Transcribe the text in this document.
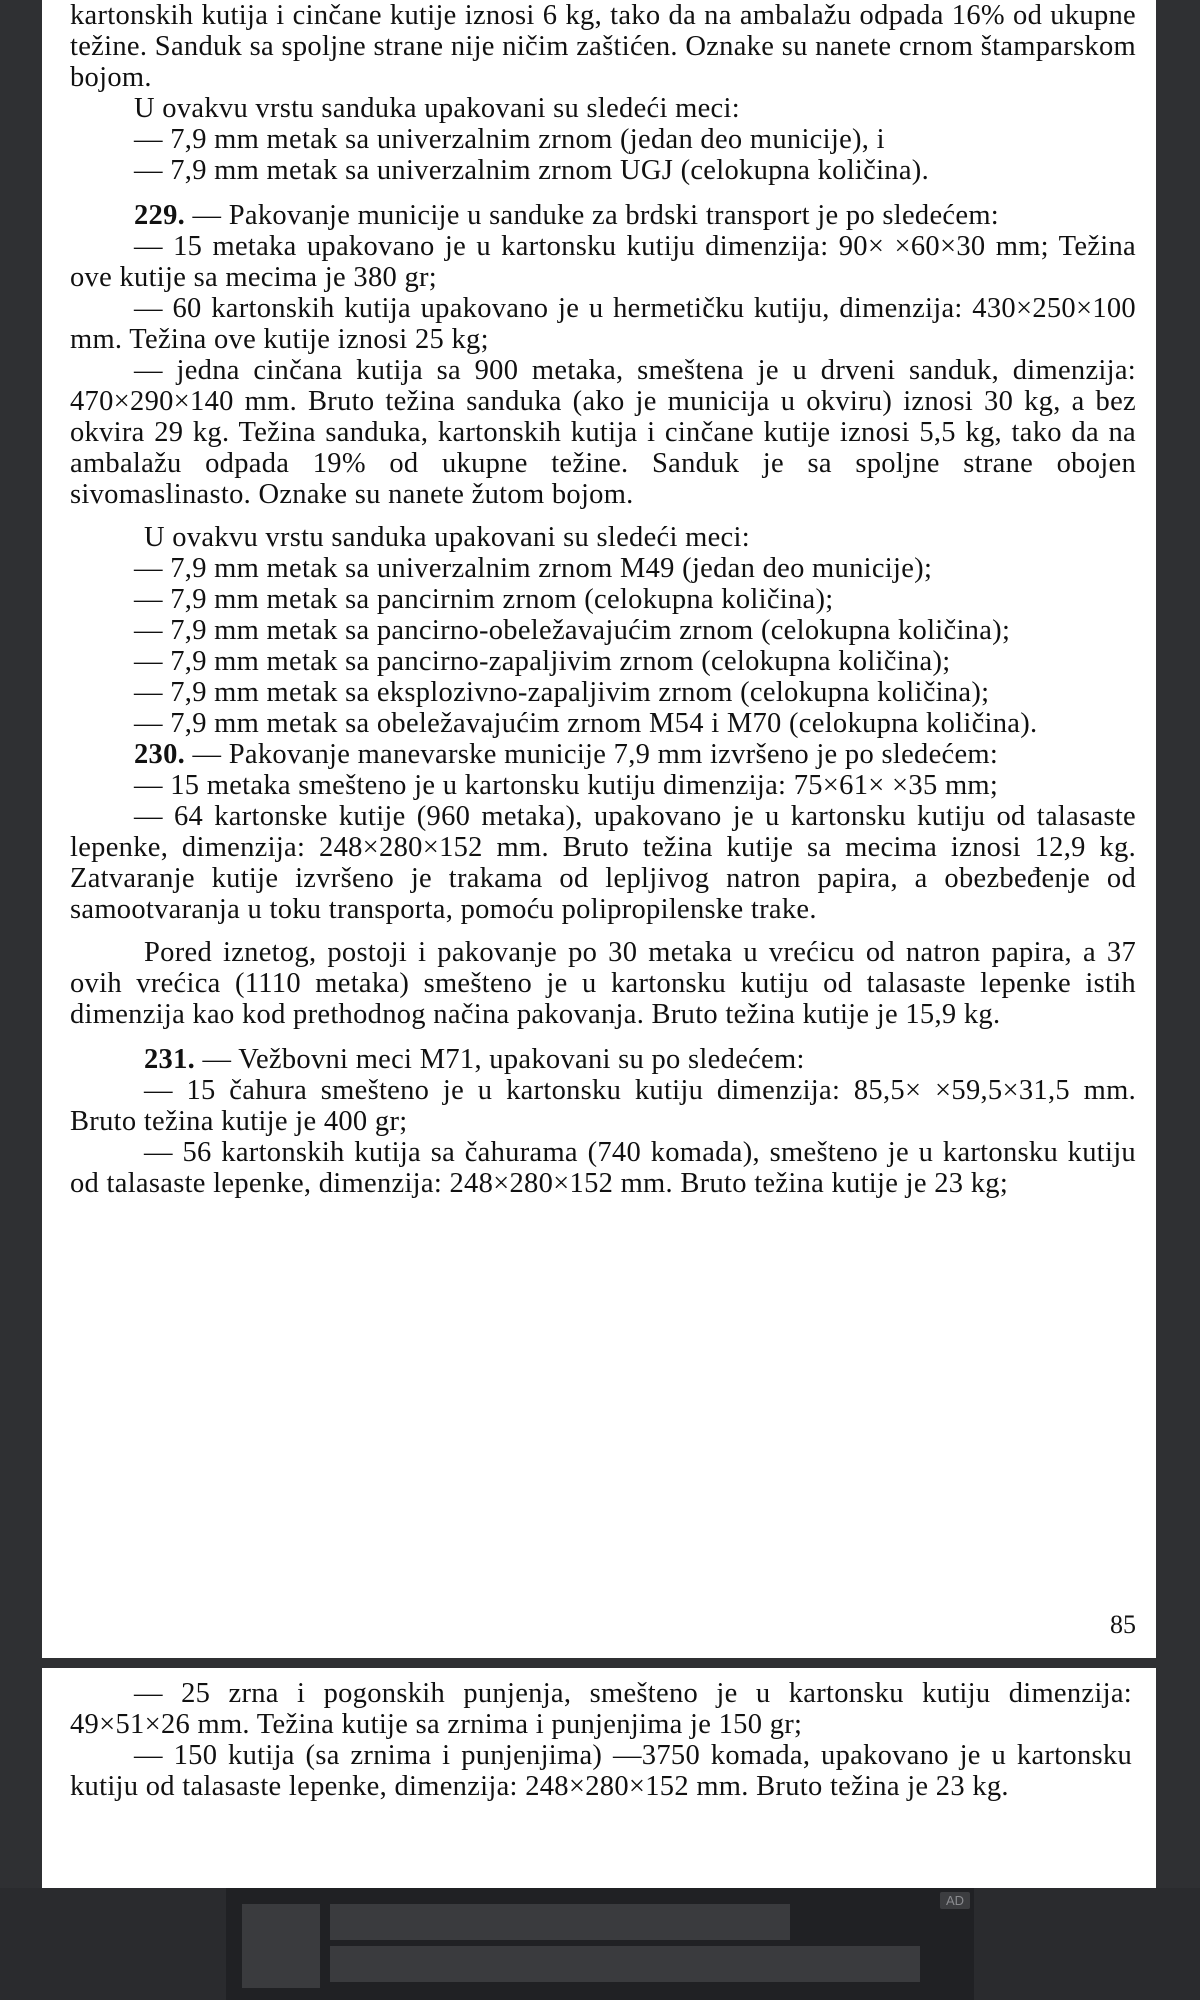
kartonskih kutija i cinčane kutije iznosi 6 kg, tako da na ambalažu odpada 16% od ukupne težine. Sanduk sa spoljne strane nije ničim zaštićen. Oznake su nanete crnom štamparskom bojom.

U ovakvu vrstu sanduka upakovani su sledeći meci:

— 7,9 mm metak sa univerzalnim zrnom (jedan deo municije), i

— 7,9 mm metak sa univerzalnim zrnom UGJ (celokupna količina).

229. — Pakovanje municije u sanduke za brdski transport je po sledećem:

— 15 metaka upakovano je u kartonsku kutiju dimenzija: 90× ×60×30 mm; Težina ove kutije sa mecima je 380 gr;

— 60 kartonskih kutija upakovano je u hermetičku kutiju, dimenzija: 430×250×100 mm. Težina ove kutije iznosi 25 kg;

— jedna cinčana kutija sa 900 metaka, smeštena je u drveni sanduk, dimenzija: 470×290×140 mm. Bruto težina sanduka (ako je municija u okviru) iznosi 30 kg, a bez okvira 29 kg. Težina sanduka, kartonskih kutija i cinčane kutije iznosi 5,5 kg, tako da na ambalažu odpada 19% od ukupne težine. Sanduk je sa spoljne strane obojen sivomaslinasto. Oznake su nanete žutom bojom.

U ovakvu vrstu sanduka upakovani su sledeći meci:

— 7,9 mm metak sa univerzalnim zrnom M49 (jedan deo municije);

— 7,9 mm metak sa pancirnim zrnom (celokupna količina);

— 7,9 mm metak sa pancirno-obeležavajućim zrnom (celokupna količina);

— 7,9 mm metak sa pancirno-zapaljivim zrnom (celokupna količina);

— 7,9 mm metak sa eksplozivno-zapaljivim zrnom (celokupna količina);

— 7,9 mm metak sa obeležavajućim zrnom M54 i M70 (celokupna količina).

230. — Pakovanje manevarske municije 7,9 mm izvršeno je po sledećem:

— 15 metaka smešteno je u kartonsku kutiju dimenzija: 75×61× ×35 mm;

— 64 kartonske kutije (960 metaka), upakovano je u kartonsku kutiju od talasaste lepenke, dimenzija: 248×280×152 mm. Bruto težina kutije sa mecima iznosi 12,9 kg. Zatvaranje kutije izvršeno je trakama od lepljivog natron papira, a obezbeđenje od samootvaranja u toku transporta, pomoću polipropilenske trake.

Pored iznetog, postoji i pakovanje po 30 metaka u vrećicu od natron papira, a 37 ovih vrećica (1110 metaka) smešteno je u kartonsku kutiju od talasaste lepenke istih dimenzija kao kod prethodnog načina pakovanja. Bruto težina kutije je 15,9 kg.

231. — Vežbovni meci M71, upakovani su po sledećem:

— 15 čahura smešteno je u kartonsku kutiju dimenzija: 85,5× ×59,5×31,5 mm. Bruto težina kutije je 400 gr;

— 56 kartonskih kutija sa čahurama (740 komada), smešteno je u kartonsku kutiju od talasaste lepenke, dimenzija: 248×280×152 mm. Bruto težina kutije je 23 kg;

85

— 25 zrna i pogonskih punjenja, smešteno je u kartonsku kutiju dimenzija: 49×51×26 mm. Težina kutije sa zrnima i punjenjima je 150 gr;

— 150 kutija (sa zrnima i punjenjima) —3750 komada, upakovano je u kartonsku kutiju od talasaste lepenke, dimenzija: 248×280×152 mm. Bruto težina je 23 kg.

AD
